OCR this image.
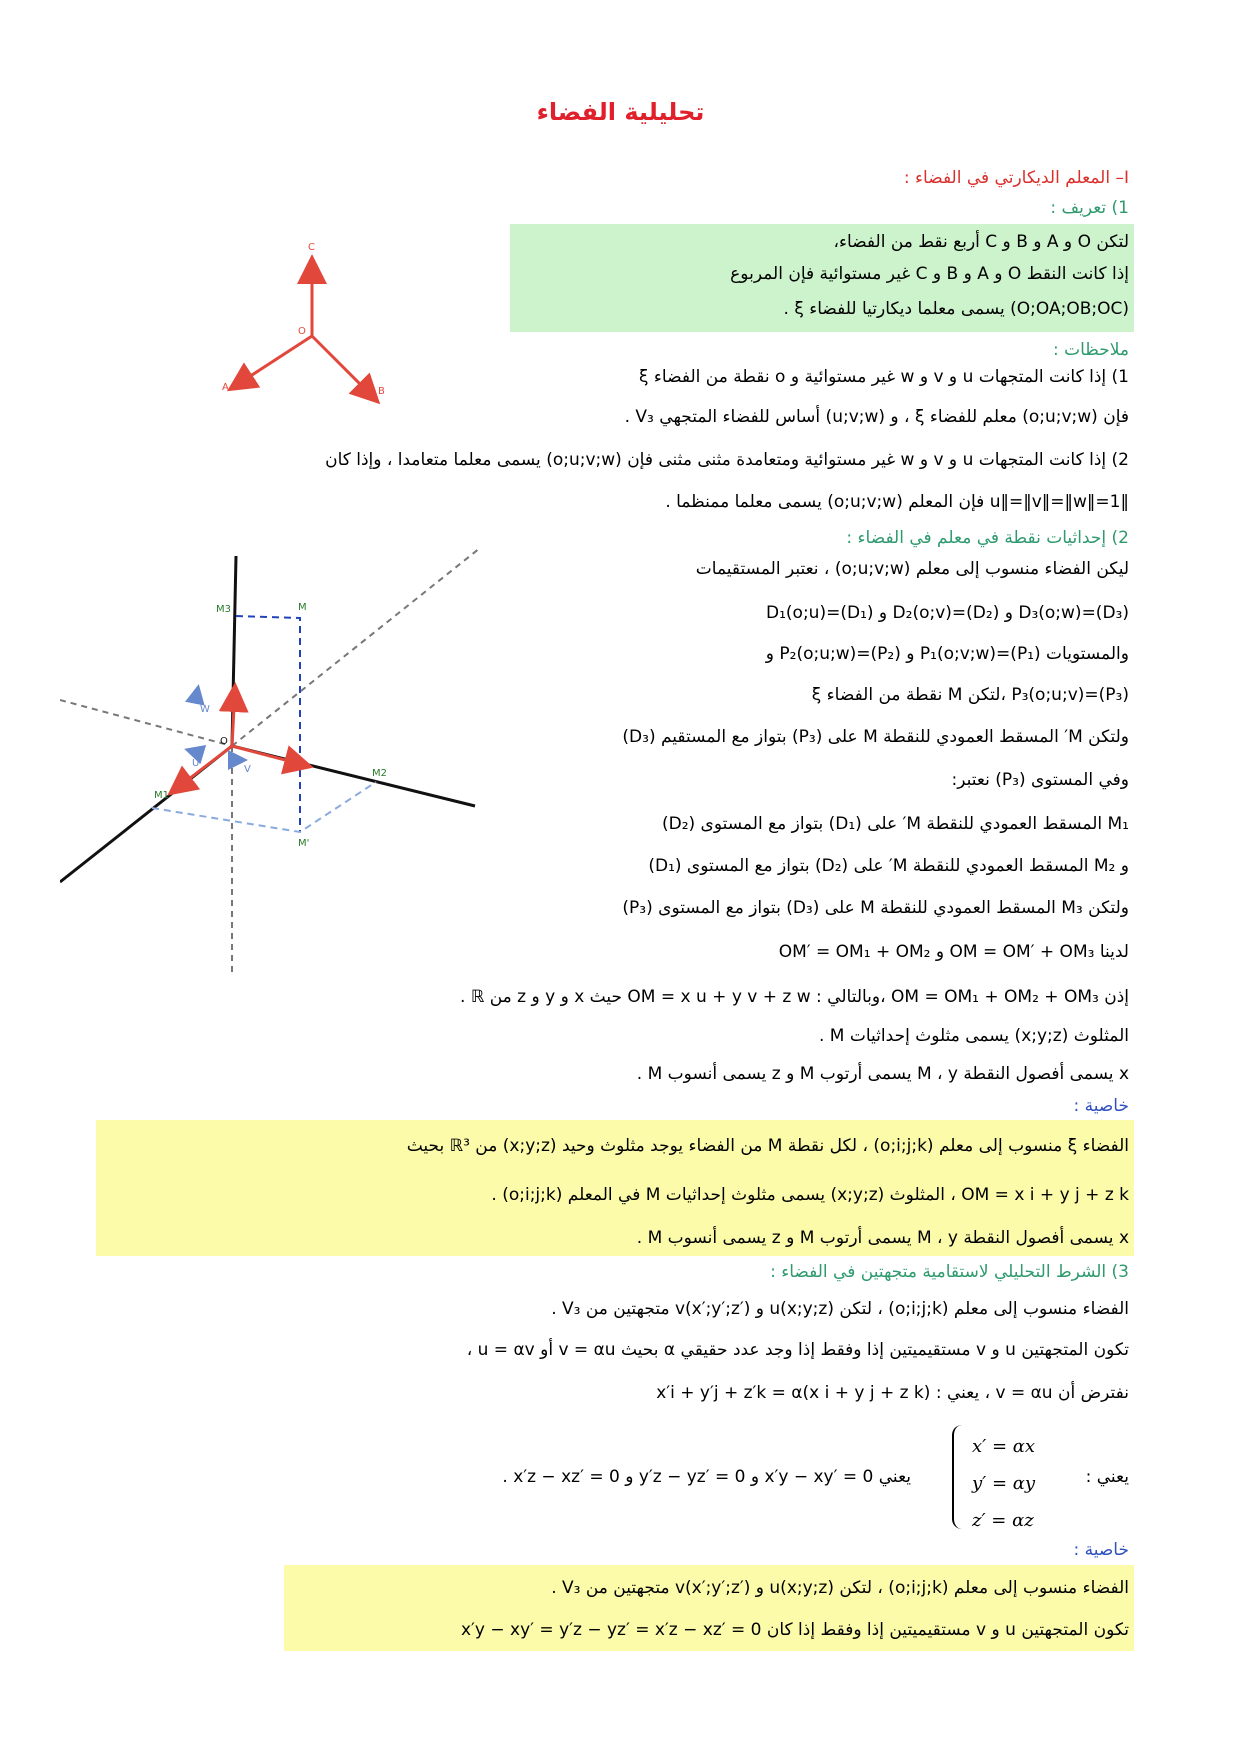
تحليلية الفضاء
I– المعلم الديكارتي في الفضاء :
1) تعريف :
لتكن O و A و B و C أربع نقط من الفضاء،
إذا كانت النقط O و A و B و C غير مستوائية فإن المربوع
(O;OA;OB;OC) يسمى معلما ديكارتيا للفضاء ξ .
ملاحظات :
1) إذا كانت المتجهات u و v و w غير مستوائية و o نقطة من الفضاء ξ
فإن (o;u;v;w) معلم للفضاء ξ ، و (u;v;w) أساس للفضاء المتجهي V₃ .
2) إذا كانت المتجهات u و v و w غير مستوائية ومتعامدة مثنى مثنى فإن (o;u;v;w) يسمى معلما متعامدا ، وإذا كان
‖u‖=‖v‖=‖w‖=1 فإن المعلم (o;u;v;w) يسمى معلما ممنظما .
2) إحداثيات نقطة في معلم في الفضاء :
ليكن الفضاء منسوب إلى معلم (o;u;v;w) ، نعتبر المستقيمات
(D₃)=D₃(o;w) و (D₂)=D₂(o;v) و (D₁)=D₁(o;u)
والمستويات (P₁)=P₁(o;v;w) و (P₂)=P₂(o;u;w) و
(P₃)=P₃(o;u;v) ،لتكن M نقطة من الفضاء ξ
ولتكن M′ المسقط العمودي للنقطة M على (P₃) بتواز مع المستقيم (D₃)
وفي المستوى (P₃) نعتبر:
M₁ المسقط العمودي للنقطة M′ على (D₁) بتواز مع المستوى (D₂)
و M₂ المسقط العمودي للنقطة M′ على (D₂) بتواز مع المستوى (D₁)
ولتكن M₃ المسقط العمودي للنقطة M على (D₃) بتواز مع المستوى (P₃)
لدينا OM = OM′ + OM₃ و OM′ = OM₁ + OM₂
إذن OM = OM₁ + OM₂ + OM₃ ،وبالتالي : OM = x u + y v + z w حيث x و y و z من ℝ .
المثلوث (x;y;z) يسمى مثلوث إحداثيات M .
x يسمى أفصول النقطة M ، y يسمى أرتوب M و z يسمى أنسوب M .
خاصية :
الفضاء ξ منسوب إلى معلم (o;i;j;k) ، لكل نقطة M من الفضاء يوجد مثلوث وحيد (x;y;z) من ℝ³ بحيث
OM = x i + y j + z k ، المثلوث (x;y;z) يسمى مثلوث إحداثيات M في المعلم (o;i;j;k) .
x يسمى أفصول النقطة M ، y يسمى أرتوب M و z يسمى أنسوب M .
3) الشرط التحليلي لاستقامية متجهتين في الفضاء :
الفضاء منسوب إلى معلم (o;i;j;k) ، لتكن u(x;y;z) و v(x′;y′;z′) متجهتين من V₃ .
تكون المتجهتين u و v مستقيميتين إذا وفقط إذا وجد عدد حقيقي α بحيث v = αu أو u = αv ،
نفترض أن v = αu ، يعني : x′i + y′j + z′k = α(x i + y j + z k)
يعني :
x′ = αx
y′ = αy
z′ = αz
يعني x′y − xy′ = 0 و y′z − yz′ = 0 و x′z − xz′ = 0 .
خاصية :
الفضاء منسوب إلى معلم (o;i;j;k) ، لتكن u(x;y;z) و v(x′;y′;z′) متجهتين من V₃ .
تكون المتجهتين u و v مستقيميتين إذا وفقط إذا كان x′y − xy′ = y′z − yz′ = x′z − xz′ = 0
C
O
A	B
M3	M
O
M1
M2
M'
W
U
V
